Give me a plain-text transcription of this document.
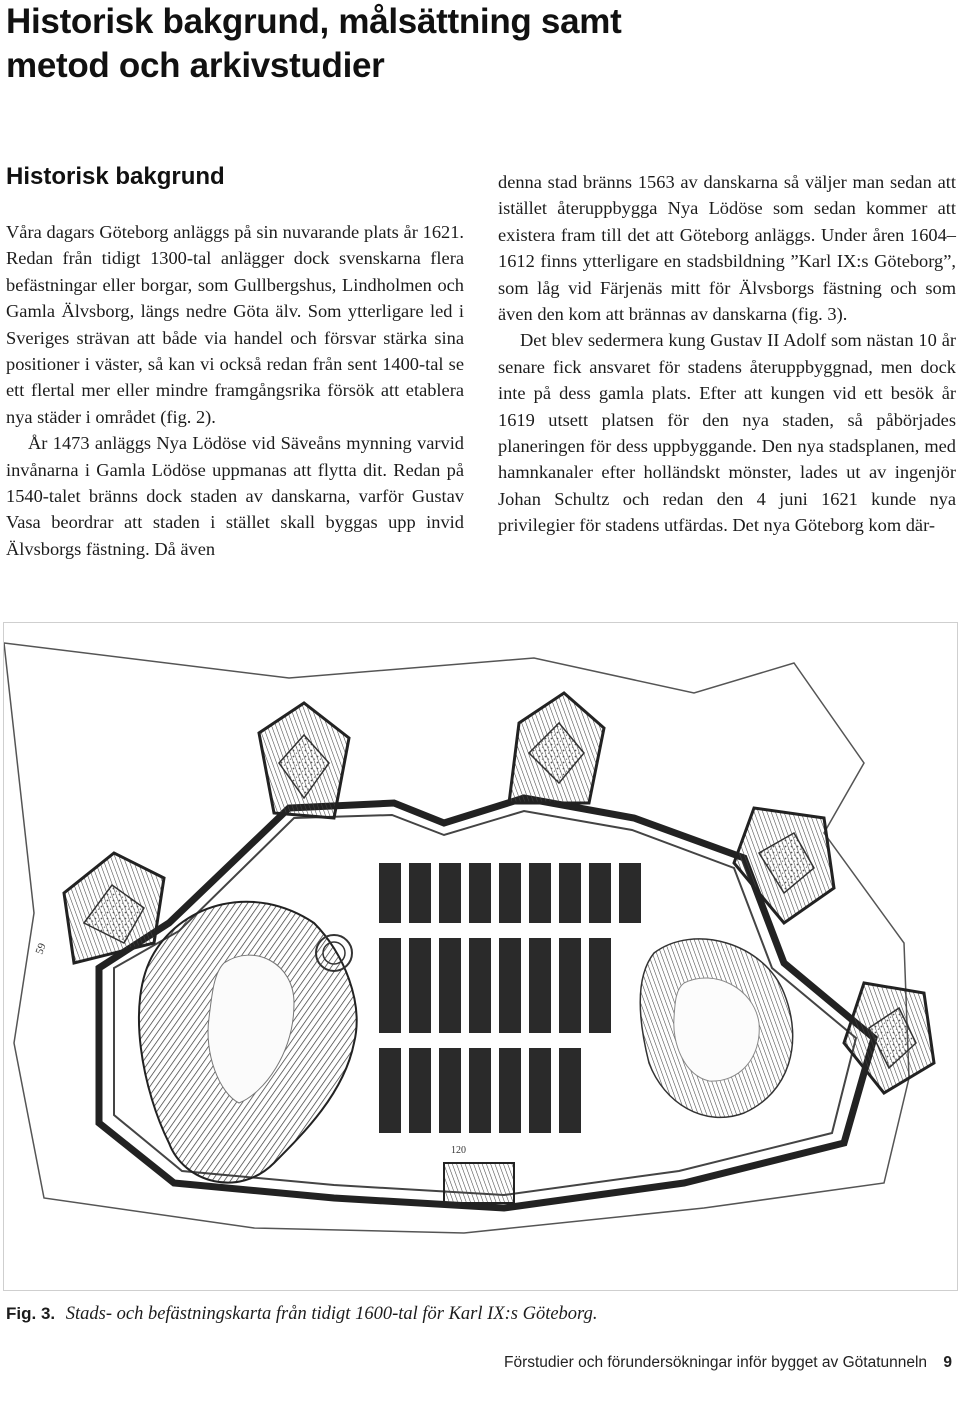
Historisk bakgrund, målsättning samt
metod och arkivstudier
Historisk bakgrund

Våra dagars Göteborg anläggs på sin nuvarande plats år 1621. Redan från tidigt 1300-tal anlägger dock svenskarna flera befästningar eller borgar, som Gullbergshus, Lindholmen och Gamla Älvsborg, längs nedre Göta älv. Som ytterligare led i Sveriges strävan att både via handel och försvar stärka sina positioner i väster, så kan vi också redan från sent 1400-tal se ett flertal mer eller mindre framgångsrika försök att etablera nya städer i området (fig. 2).

År 1473 anläggs Nya Lödöse vid Säveåns mynning varvid invånarna i Gamla Lödöse uppmanas att flytta dit. Redan på 1540-talet bränns dock staden av danskarna, varför Gustav Vasa beordrar att staden i stället skall byggas upp invid Älvsborgs fästning. Då även

denna stad bränns 1563 av danskarna så väljer man sedan att istället återuppbygga Nya Lödöse som sedan kommer att existera fram till det att Göteborg anläggs. Under åren 1604–1612 finns ytterligare en stadsbildning ”Karl IX:s Göteborg”, som låg vid Färjenäs mitt för Älvsborgs fästning och som även den kom att brännas av danskarna (fig. 3).

Det blev sedermera kung Gustav II Adolf som nästan 10 år senare fick ansvaret för stadens återuppbyggnad, men dock inte på dess gamla plats. Efter att kungen vid ett besök år 1619 utsett platsen för den nya staden, så påbörjades planeringen för dess uppbyggande. Den nya stadsplanen, med hamnkanaler efter holländskt mönster, lades ut av ingenjör Johan Schultz och redan den 4 juni 1621 kunde nya privilegier för stadens utfärdas. Det nya Göteborg kom där-

59
120
Fig. 3. Stads- och befästningskarta från tidigt 1600-tal för Karl IX:s Göteborg.
Förstudier och förundersökningar inför bygget av Götatunneln 9
